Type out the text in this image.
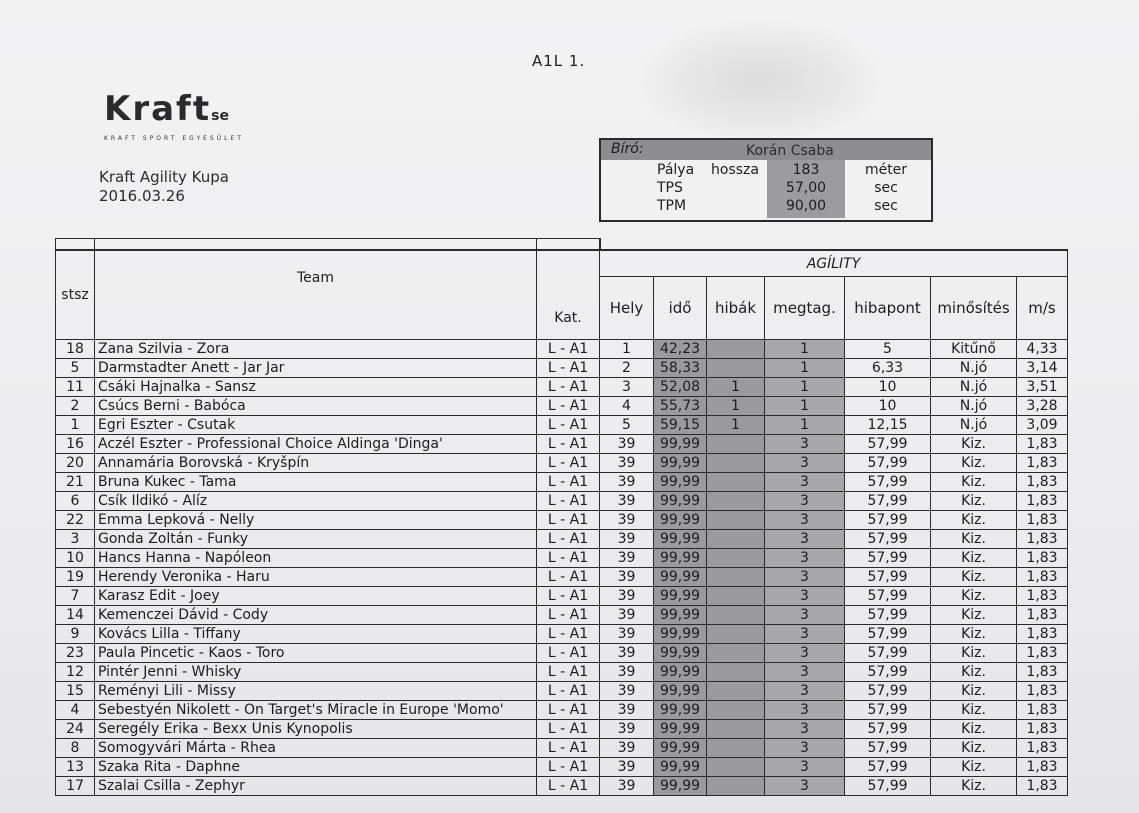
A1L 1.
Kraftse
KRAFT SPORT EGYESÜLET
Kraft Agility Kupa
2016.03.26
Bíró:	Korán Csaba
Pálya hossza	183	méter
TPS	57,00	sec
TPM	90,00	sec

stsz	Team	Kat.	AGÍLITY						
			Hely	idő	hibák	megtag.	hibapont	minősítés	m/s
18	Zana Szilvia - Zora	L - A1	1	42,23		1	5	Kitűnő	4,33
5	Darmstadter Anett - Jar Jar	L - A1	2	58,33		1	6,33	N.jó	3,14
11	Csáki Hajnalka - Sansz	L - A1	3	52,08	1	1	10	N.jó	3,51
2	Csúcs Berni - Babóca	L - A1	4	55,73	1	1	10	N.jó	3,28
1	Egri Eszter - Csutak	L - A1	5	59,15	1	1	12,15	N.jó	3,09
16	Aczél Eszter - Professional Choice Aldinga 'Dinga'	L - A1	39	99,99		3	57,99	Kiz.	1,83
20	Annamária Borovská - Kryšpín	L - A1	39	99,99		3	57,99	Kiz.	1,83
21	Bruna Kukec - Tama	L - A1	39	99,99		3	57,99	Kiz.	1,83
6	Csík Ildikó - Alíz	L - A1	39	99,99		3	57,99	Kiz.	1,83
22	Emma Lepková - Nelly	L - A1	39	99,99		3	57,99	Kiz.	1,83
3	Gonda Zoltán - Funky	L - A1	39	99,99		3	57,99	Kiz.	1,83
10	Hancs Hanna - Napóleon	L - A1	39	99,99		3	57,99	Kiz.	1,83
19	Herendy Veronika - Haru	L - A1	39	99,99		3	57,99	Kiz.	1,83
7	Karasz Edit - Joey	L - A1	39	99,99		3	57,99	Kiz.	1,83
14	Kemenczei Dávid - Cody	L - A1	39	99,99		3	57,99	Kiz.	1,83
9	Kovács Lilla - Tiffany	L - A1	39	99,99		3	57,99	Kiz.	1,83
23	Paula Pincetic - Kaos - Toro	L - A1	39	99,99		3	57,99	Kiz.	1,83
12	Pintér Jenni - Whisky	L - A1	39	99,99		3	57,99	Kiz.	1,83
15	Reményi Lili - Missy	L - A1	39	99,99		3	57,99	Kiz.	1,83
4	Sebestyén Nikolett - On Target's Miracle in Europe 'Momo'	L - A1	39	99,99		3	57,99	Kiz.	1,83
24	Seregély Erika - Bexx Unis Kynopolis	L - A1	39	99,99		3	57,99	Kiz.	1,83
8	Somogyvári Márta - Rhea	L - A1	39	99,99		3	57,99	Kiz.	1,83
13	Szaka Rita - Daphne	L - A1	39	99,99		3	57,99	Kiz.	1,83
17	Szalai Csilla - Zephyr	L - A1	39	99,99		3	57,99	Kiz.	1,83
